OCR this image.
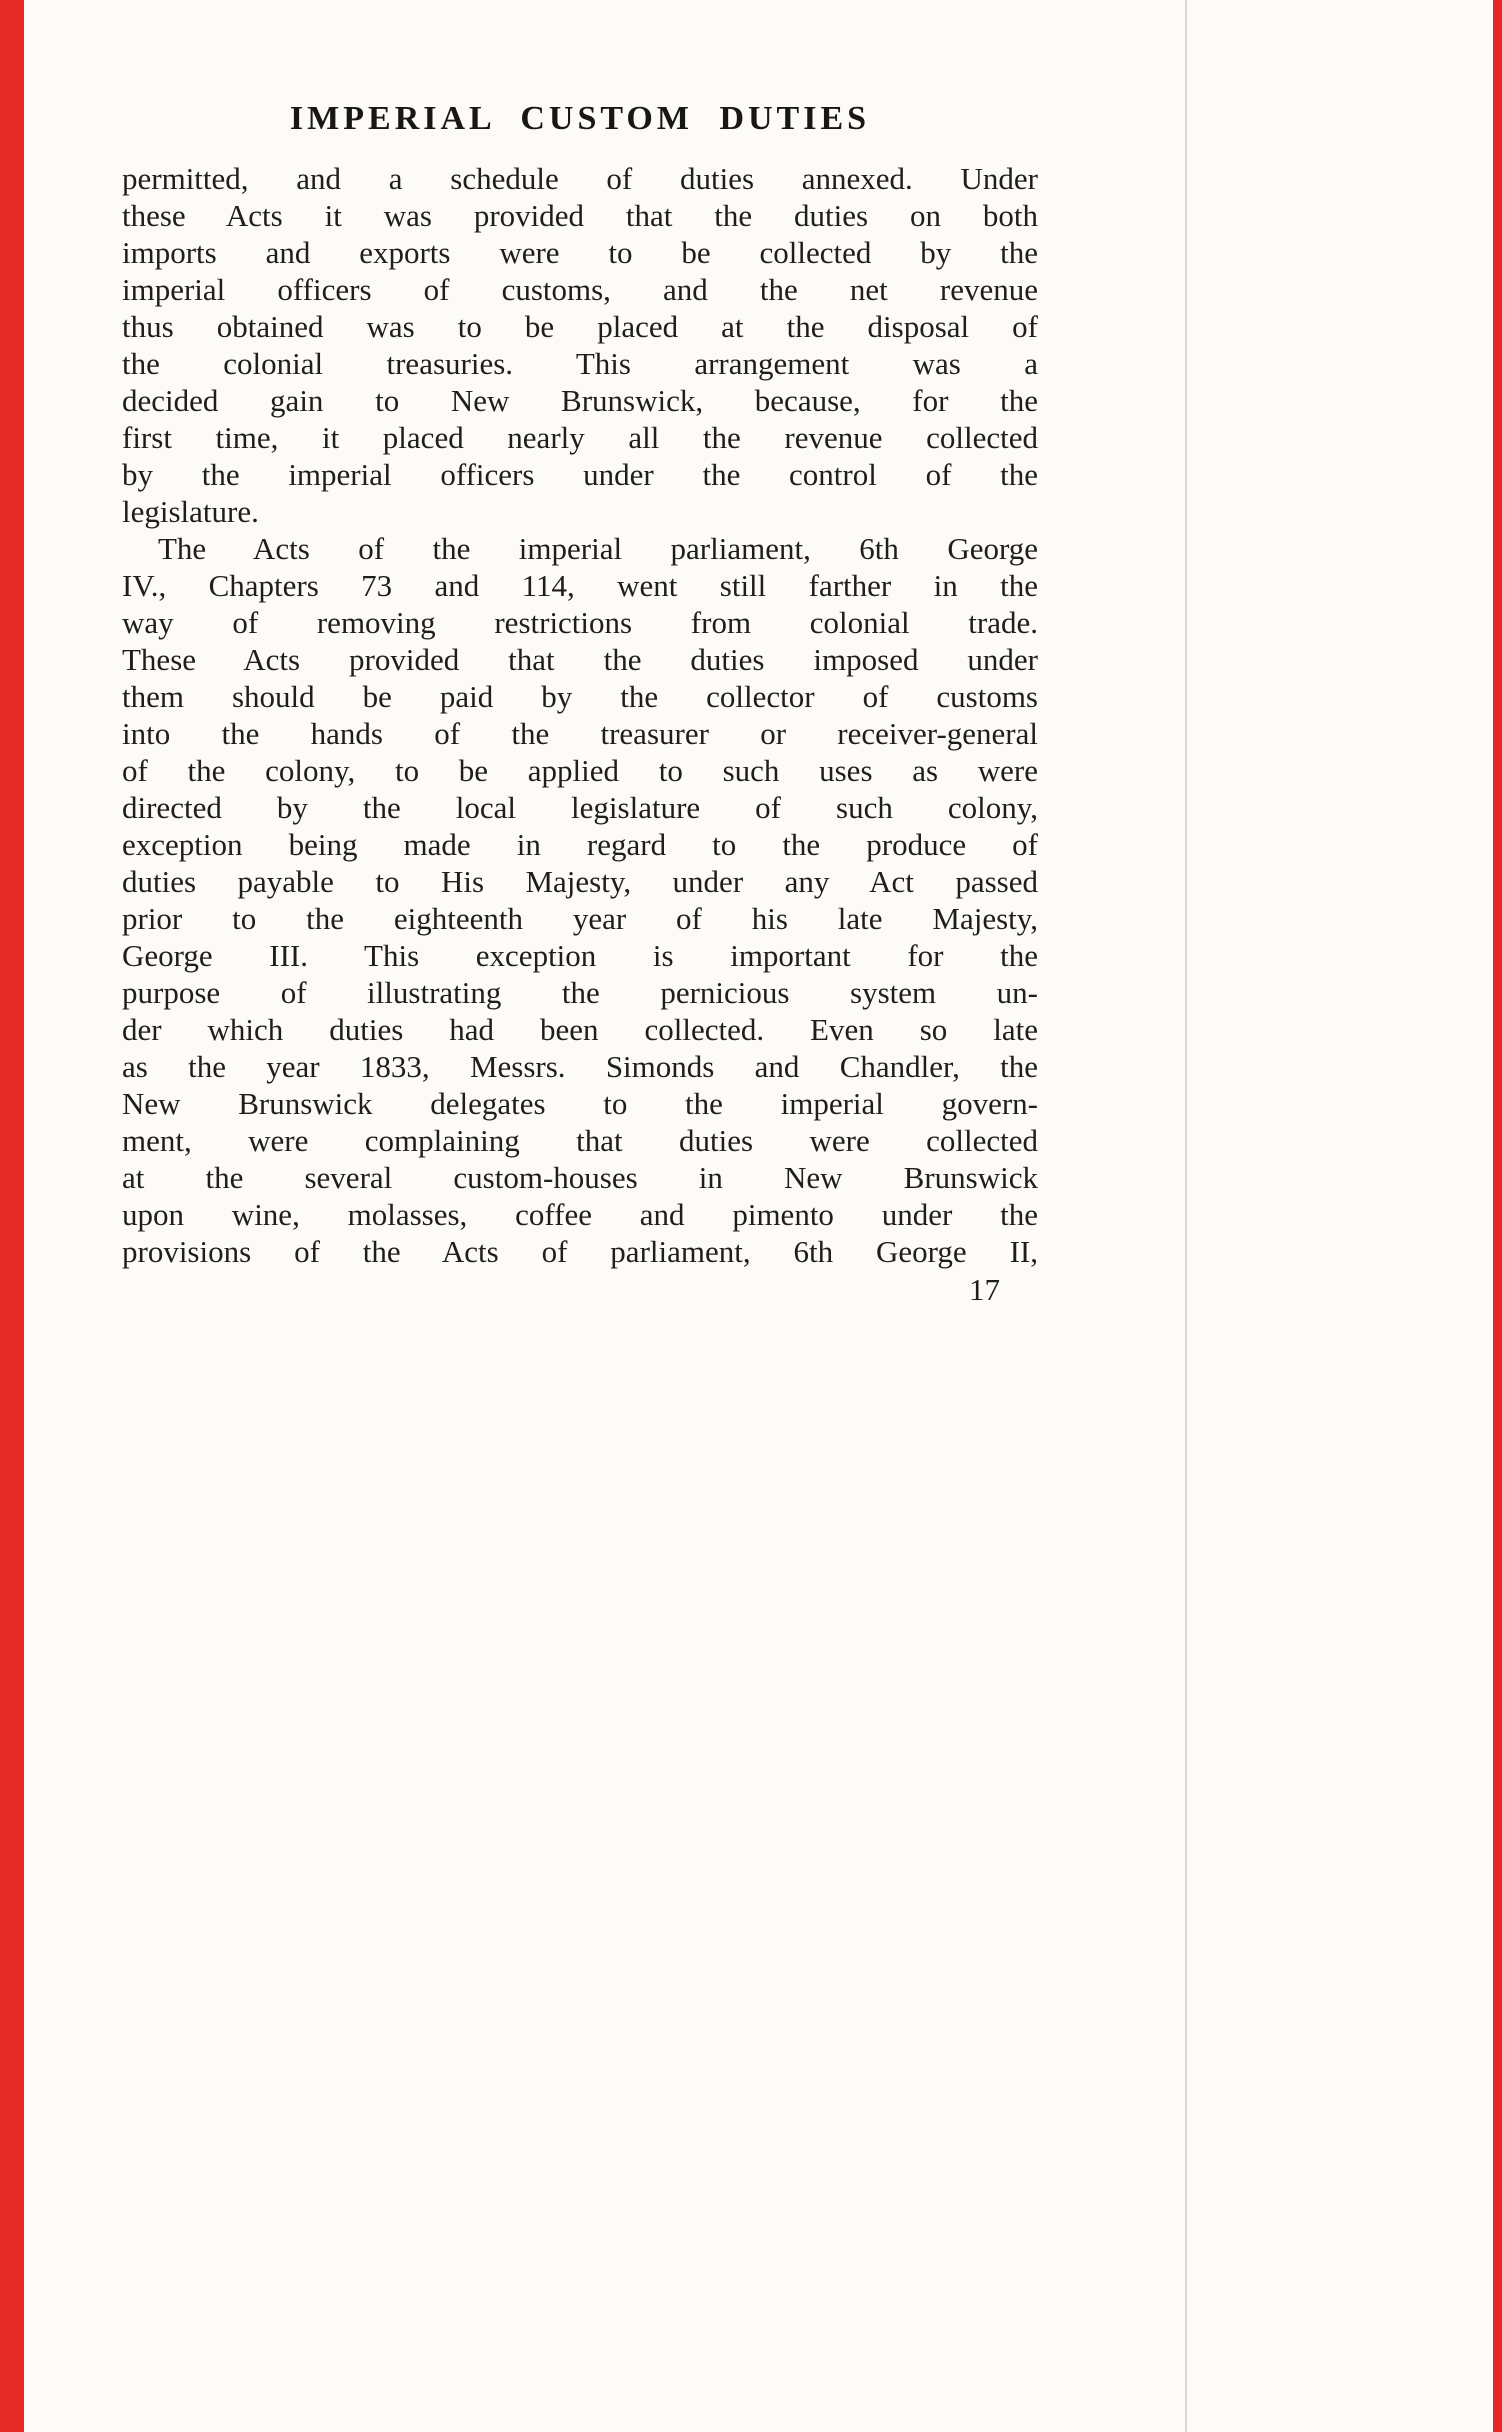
IMPERIAL CUSTOM DUTIES
permitted, and a schedule of duties annexed. Under
these Acts it was provided that the duties on both
imports and exports were to be collected by the
imperial officers of customs, and the net revenue
thus obtained was to be placed at the disposal of
the colonial treasuries. This arrangement was a
decided gain to New Brunswick, because, for the
first time, it placed nearly all the revenue collected
by the imperial officers under the control of the
legislature.
The Acts of the imperial parliament, 6th George
IV., Chapters 73 and 114, went still farther in the
way of removing restrictions from colonial trade.
These Acts provided that the duties imposed under
them should be paid by the collector of customs
into the hands of the treasurer or receiver-general
of the colony, to be applied to such uses as were
directed by the local legislature of such colony,
exception being made in regard to the produce of
duties payable to His Majesty, under any Act passed
prior to the eighteenth year of his late Majesty,
George III. This exception is important for the
purpose of illustrating the pernicious system un-
der which duties had been collected. Even so late
as the year 1833, Messrs. Simonds and Chandler, the
New Brunswick delegates to the imperial govern-
ment, were complaining that duties were collected
at the several custom-houses in New Brunswick
upon wine, molasses, coffee and pimento under the
provisions of the Acts of parliament, 6th George II,
17
